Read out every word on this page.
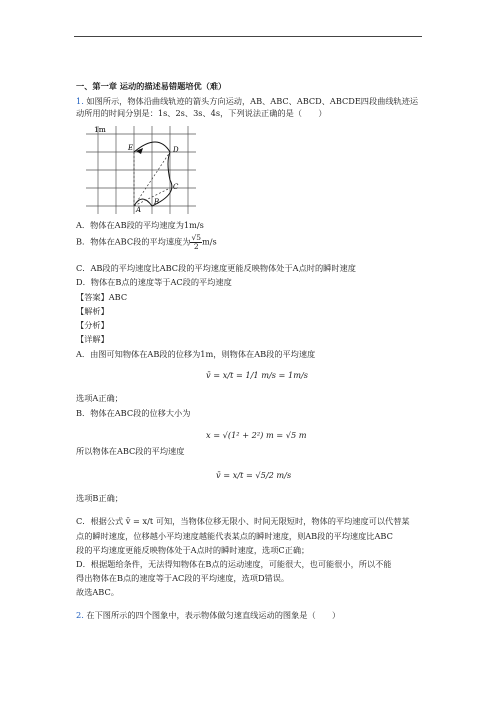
一、第一章 运动的描述易错题培优（难）
1. 如图所示，物体沿曲线轨迹的箭头方向运动，AB、ABC、ABCD、ABCDE四段曲线轨迹运
动所用的时间分别是：1s、2s、3s、4s，下列说法正确的是（　　）
1m
E	D
C
A
B
A．物体在AB段的平均速度为1m/s
B．物体在ABC段的平均速度为 $\frac{√5}{2} m/s$
C．AB段的平均速度比ABC段的平均速度更能反映物体处于A点时的瞬时速度
D．物体在B点的速度等于AC段的平均速度
【答案】ABC
【解析】
【分析】
【详解】
A．由图可知物体在AB段的位移为1m，则物体在AB段的平均速度
v̄ = x/t = 1/1 m/s = 1m/s
选项A正确；
B．物体在ABC段的位移大小为
x = √(1² + 2²) m = √5 m
所以物体在ABC段的平均速度
v̄ = x/t = √5/2 m/s
选项B正确；
C．根据公式 v̄ = x/t 可知，当物体位移无限小、时间无限短时，物体的平均速度可以代替某
点的瞬时速度，位移越小平均速度越能代表某点的瞬时速度，则AB段的平均速度比ABC
段的平均速度更能反映物体处于A点时的瞬时速度，选项C正确；
D．根据题给条件，无法得知物体在B点的运动速度，可能很大，也可能很小，所以不能
得出物体在B点的速度等于AC段的平均速度，选项D错误。
故选ABC。
2. 在下图所示的四个图象中，表示物体做匀速直线运动的图象是（　　）
